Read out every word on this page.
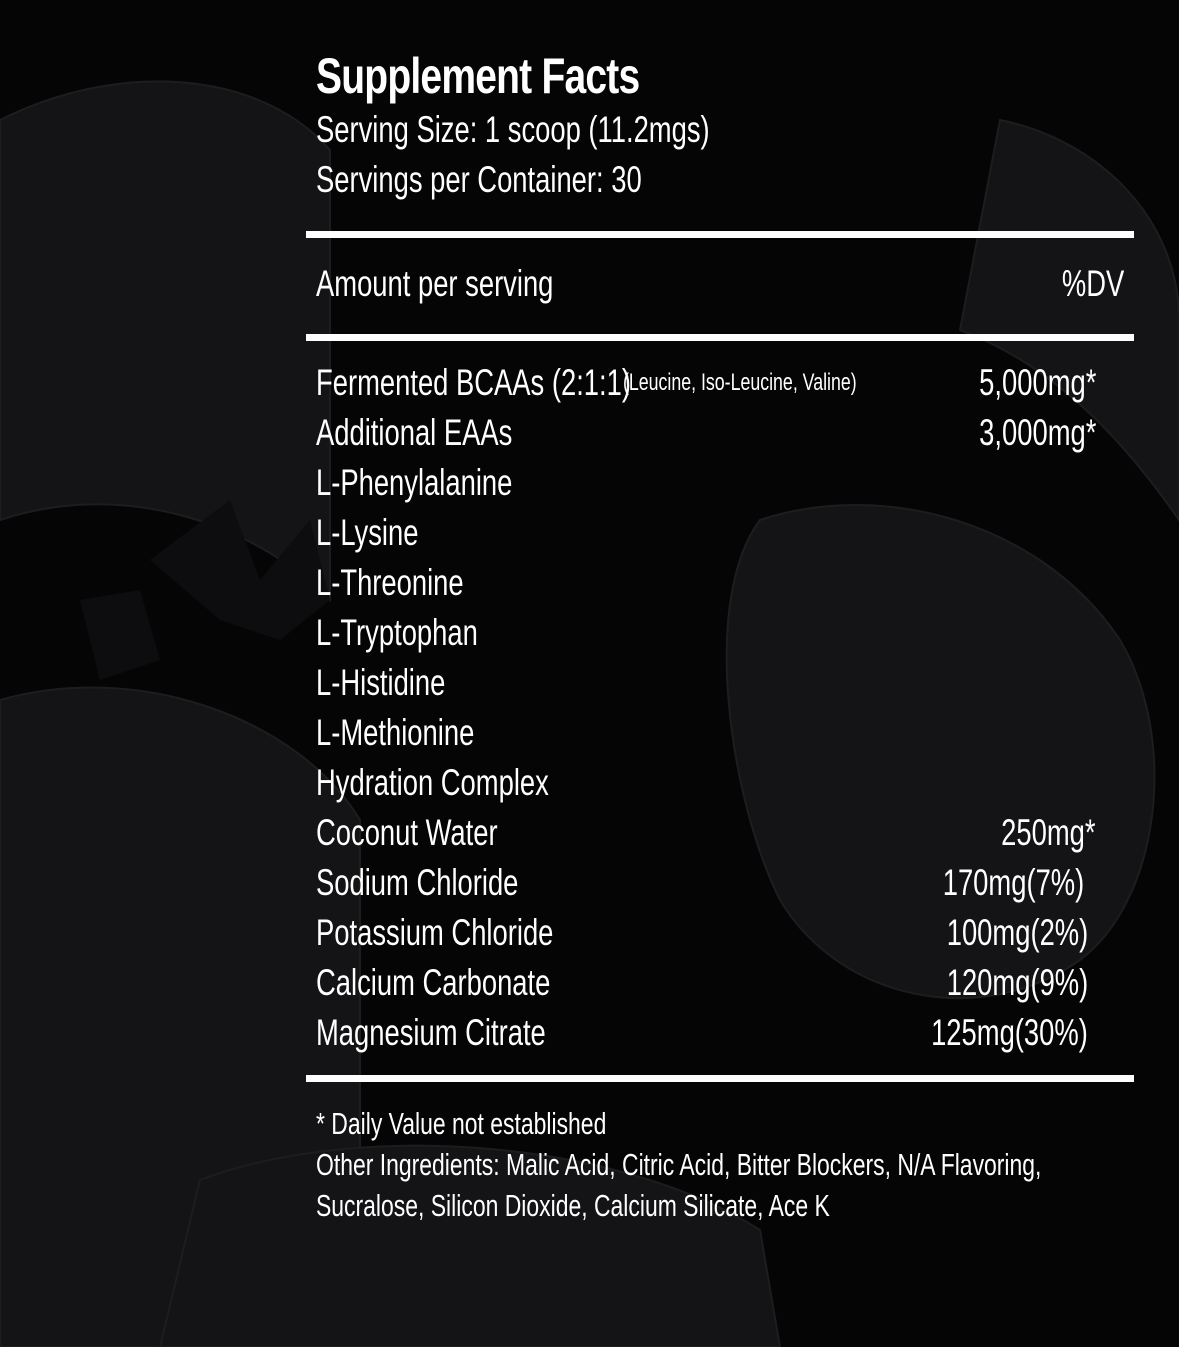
Supplement Facts
Serving Size: 1 scoop (11.2mgs)
Servings per Container: 30
Amount per serving	%DV
Fermented BCAAs (2:1:1)
(Leucine, Iso-Leucine, Valine)	5,000mg*
Additional EAAs	3,000mg*
L-Phenylalanine
L-Lysine
L-Threonine
L-Tryptophan
L-Histidine
L-Methionine
Hydration Complex
Coconut Water	250mg*
Sodium Chloride	170mg(7%)
Potassium Chloride	100mg(2%)
Calcium Carbonate	120mg(9%)
Magnesium Citrate	125mg(30%)
* Daily Value not established
Other Ingredients: Malic Acid, Citric Acid, Bitter Blockers, N/A Flavoring,
Sucralose, Silicon Dioxide, Calcium Silicate, Ace K
